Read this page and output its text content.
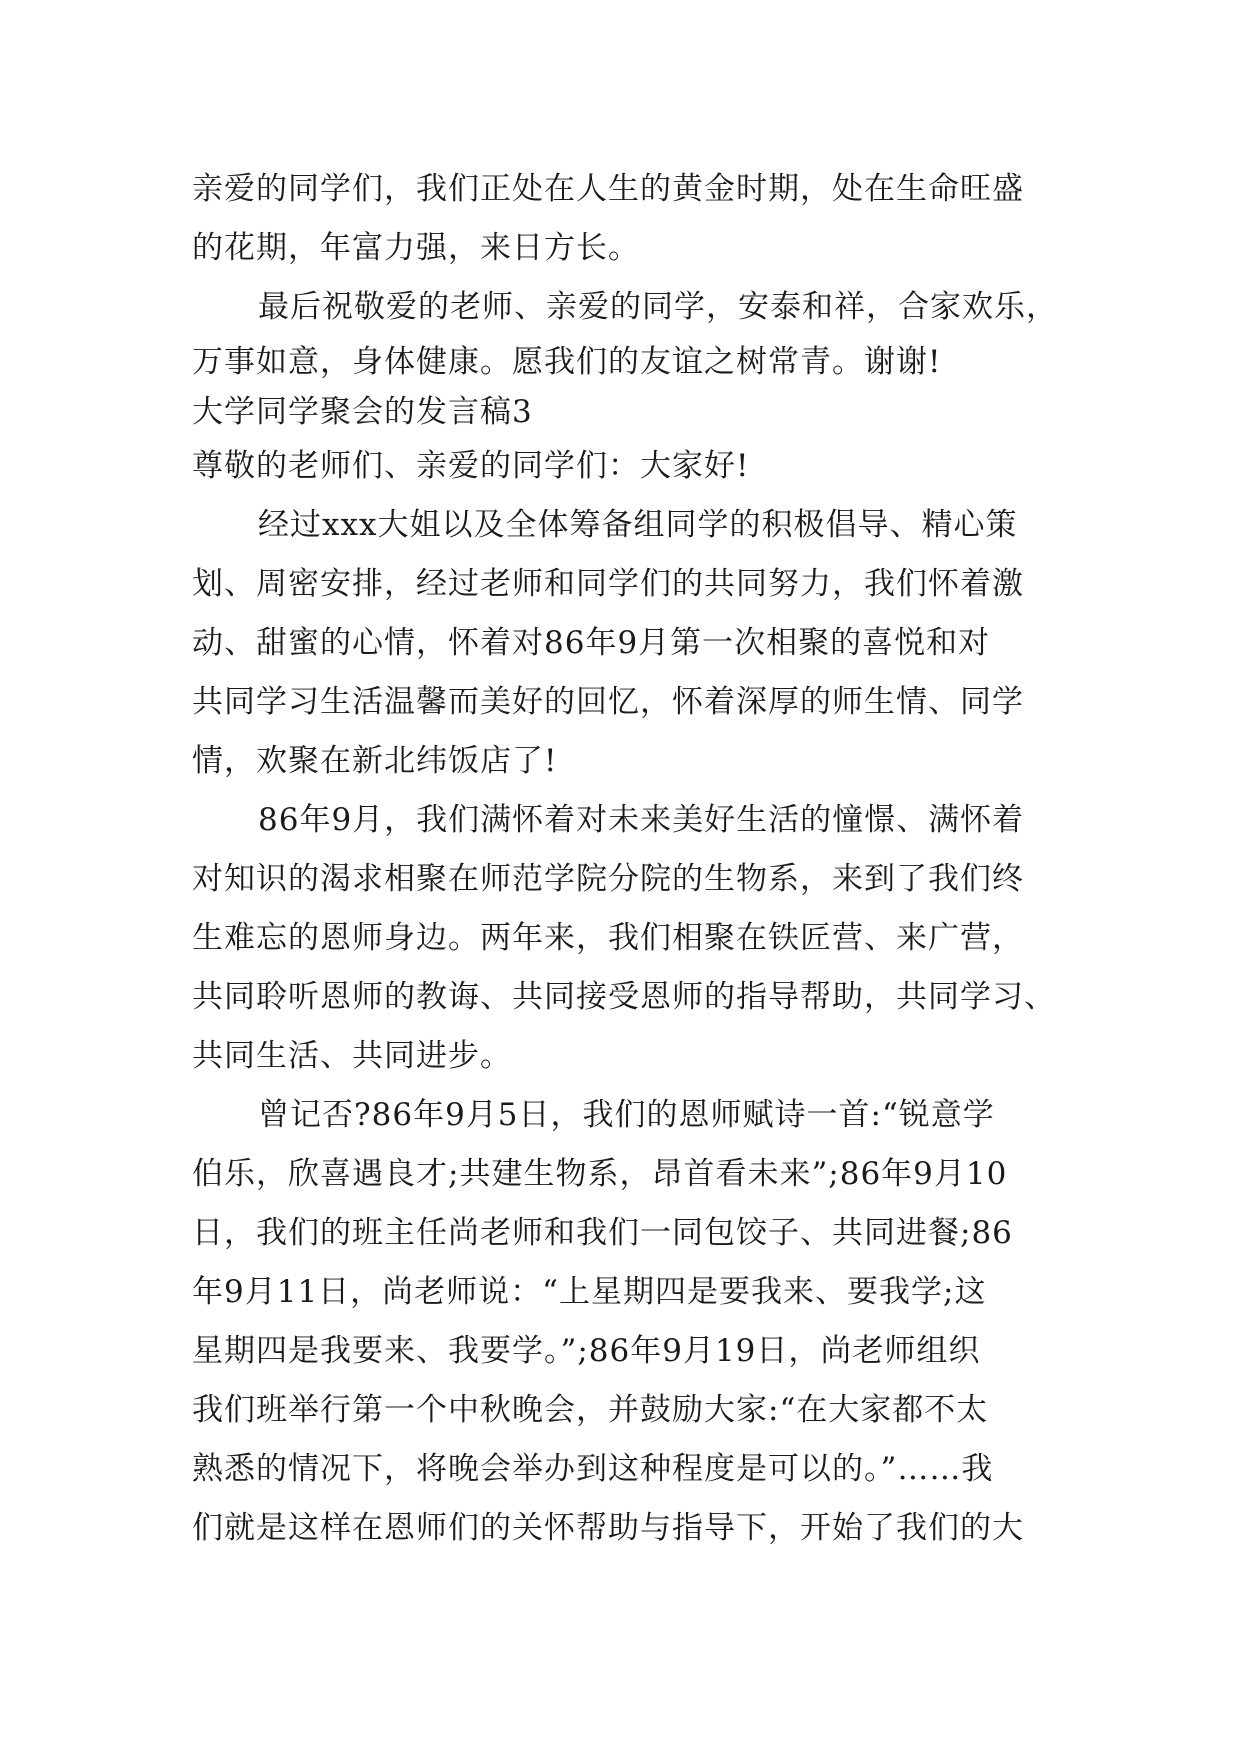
亲爱的同学们，我们正处在人生的黄金时期，处在生命旺盛
的花期，年富力强，来日方长。
最后祝敬爱的老师、亲爱的同学，安泰和祥，合家欢乐，
万事如意，身体健康。愿我们的友谊之树常青。谢谢!
大学同学聚会的发言稿3
尊敬的老师们、亲爱的同学们：大家好!
经过xxx大姐以及全体筹备组同学的积极倡导、精心策
划、周密安排，经过老师和同学们的共同努力，我们怀着激
动、甜蜜的心情，怀着对86年9月第一次相聚的喜悦和对
共同学习生活温馨而美好的回忆，怀着深厚的师生情、同学
情，欢聚在新北纬饭店了!
86年9月，我们满怀着对未来美好生活的憧憬、满怀着
对知识的渴求相聚在师范学院分院的生物系，来到了我们终
生难忘的恩师身边。两年来，我们相聚在铁匠营、来广营，
共同聆听恩师的教诲、共同接受恩师的指导帮助，共同学习、
共同生活、共同进步。
曾记否?86年9月5日，我们的恩师赋诗一首:“锐意学
伯乐，欣喜遇良才;共建生物系，昂首看未来”;86年9月10
日，我们的班主任尚老师和我们一同包饺子、共同进餐;86
年9月11日，尚老师说：“上星期四是要我来、要我学;这
星期四是我要来、我要学。”;86年9月19日，尚老师组织
我们班举行第一个中秋晚会，并鼓励大家:“在大家都不太
熟悉的情况下，将晚会举办到这种程度是可以的。”……我
们就是这样在恩师们的关怀帮助与指导下，开始了我们的大
